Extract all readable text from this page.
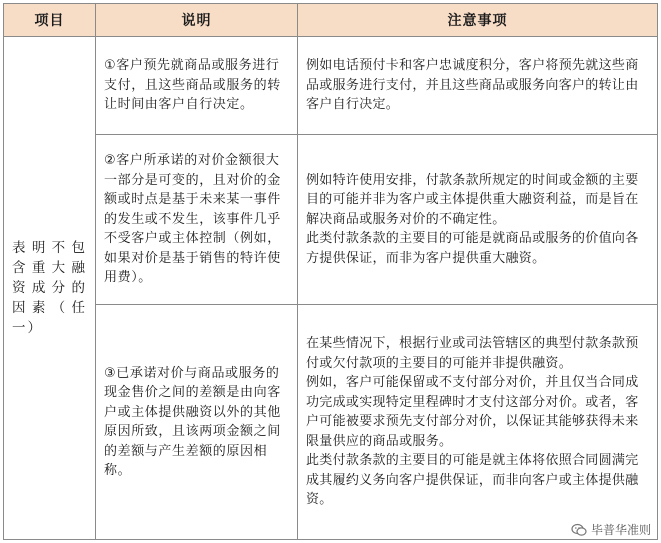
项目	说明	注意事项
表明不包含重大融资成分的因素（任一）	①客户预先就商品或服务进行支付，且这些商品或服务的转让时间由客户自行决定。	例如电话预付卡和客户忠诚度积分，客户将预先就这些商品或服务进行支付，并且这些商品或服务向客户的转让由客户自行决定。

	②客户所承诺的对价金额很大一部分是可变的，且对价的金额或时点是基于未来某一事件的发生或不发生，该事件几乎不受客户或主体控制（例如，如果对价是基于销售的特许使用费）。	例如特许使用安排，付款条款所规定的时间或金额的主要目的可能并非为客户或主体提供重大融资利益，而是旨在解决商品或服务对价的不确定性。

此类付款条款的主要目的可能是就商品或服务的价值向各方提供保证，而非为客户提供重大融资。

	③已承诺对价与商品或服务的现金售价之间的差额是由向客户或主体提供融资以外的其他原因所致，且该两项金额之间的差额与产生差额的原因相称。	在某些情况下，根据行业或司法管辖区的典型付款条款预付或欠付款项的主要目的可能并非提供融资。

例如，客户可能保留或不支付部分对价，并且仅当合同成功完成或实现特定里程碑时才支付这部分对价。或者，客户可能被要求预先支付部分对价，以保证其能够获得未来限量供应的商品或服务。

此类付款条款的主要目的可能是就主体将依照合同圆满完成其履约义务向客户提供保证，而非向客户或主体提供融资。

毕普华准则
